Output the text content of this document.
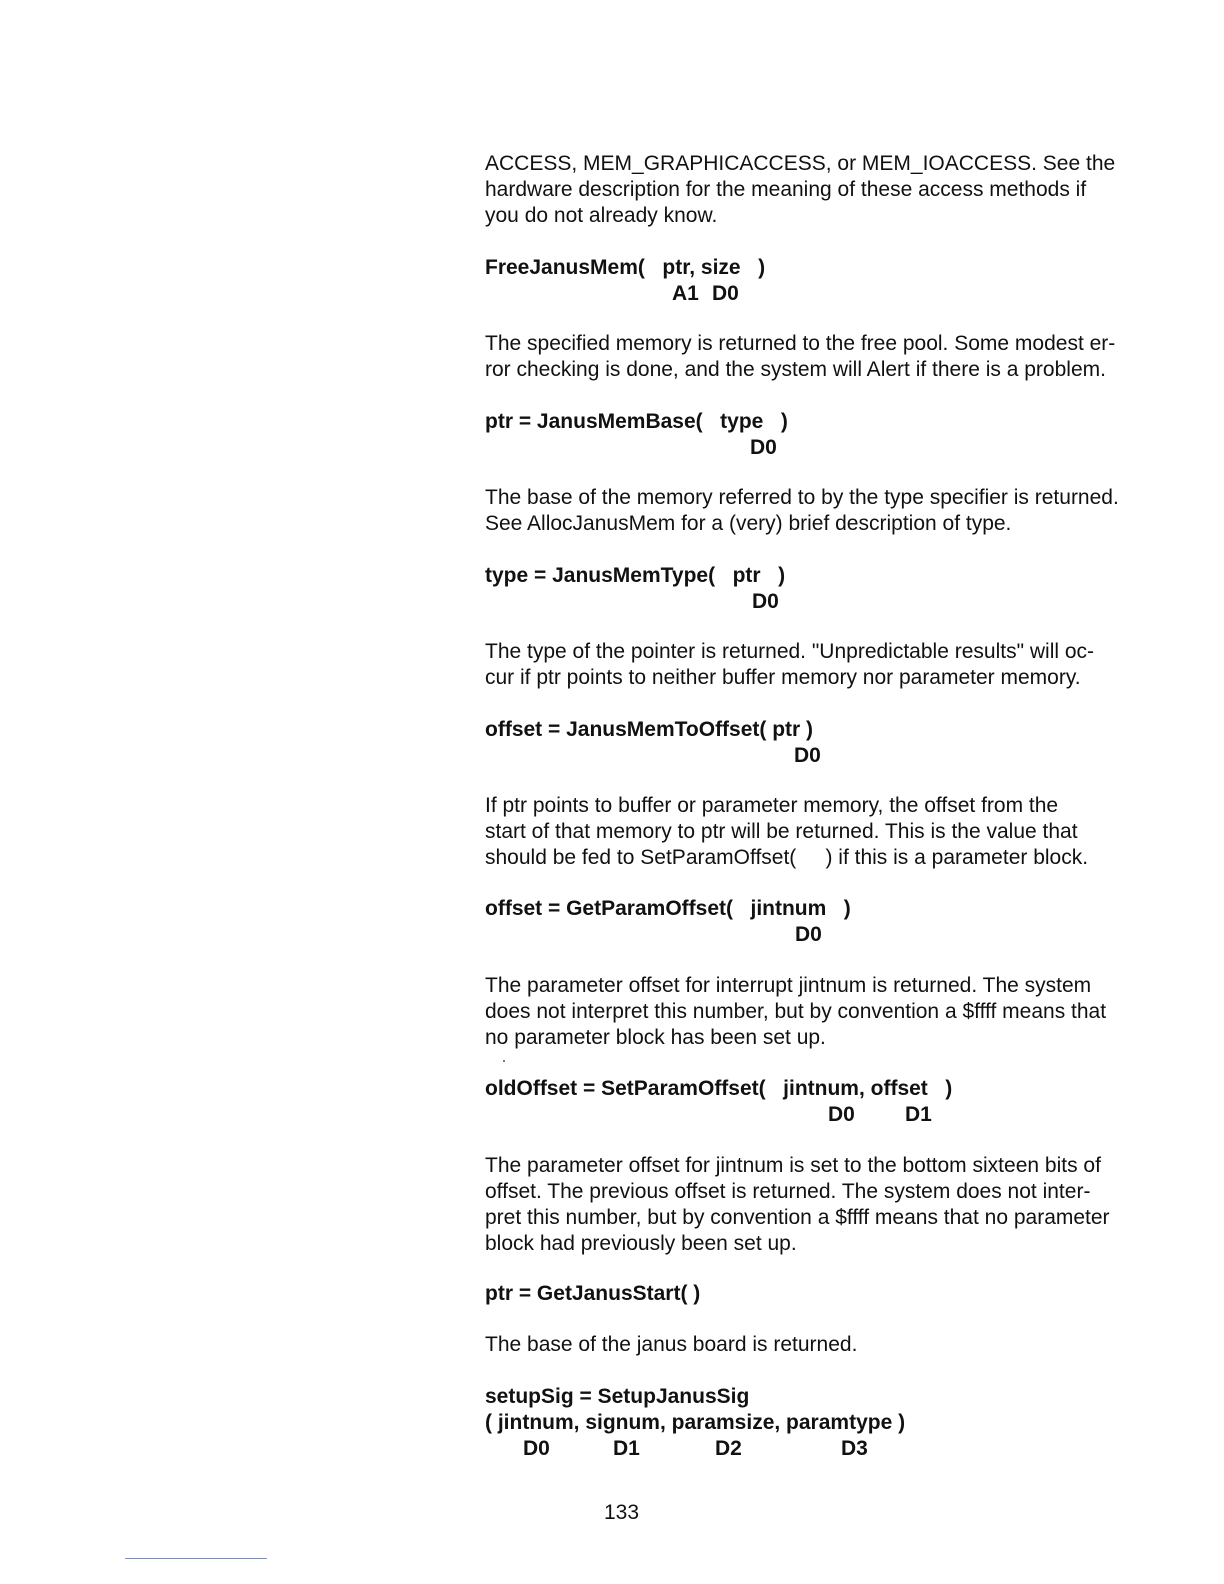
ACCESS, MEM_GRAPHICACCESS, or MEM_IOACCESS. See the
hardware description for the meaning of these access methods if
you do not already know.
FreeJanusMem(   ptr, size   )
A1 D0
The specified memory is returned to the free pool. Some modest er-
ror checking is done, and the system will Alert if there is a problem.
ptr = JanusMemBase(   type   )
D0
The base of the memory referred to by the type specifier is returned.
See AllocJanusMem for a (very) brief description of type.
type = JanusMemType(   ptr   )
D0
The type of the pointer is returned. "Unpredictable results" will oc-
cur if ptr points to neither buffer memory nor parameter memory.
offset = JanusMemToOffset( ptr )
D0
If ptr points to buffer or parameter memory, the offset from the
start of that memory to ptr will be returned. This is the value that
should be fed to SetParamOffset(     ) if this is a parameter block.
offset = GetParamOffset(   jintnum   )
D0
The parameter offset for interrupt jintnum is returned. The system
does not interpret this number, but by convention a $ffff means that
no parameter block has been set up.
oldOffset = SetParamOffset(   jintnum, offset   )
D0 D1
The parameter offset for jintnum is set to the bottom sixteen bits of
offset. The previous offset is returned. The system does not inter-
pret this number, but by convention a $ffff means that no parameter
block had previously been set up.
ptr = GetJanusStart( )
The base of the janus board is returned.
setupSig = SetupJanusSig
( jintnum, signum, paramsize, paramtype )
D0	D1	D2	D3
133
